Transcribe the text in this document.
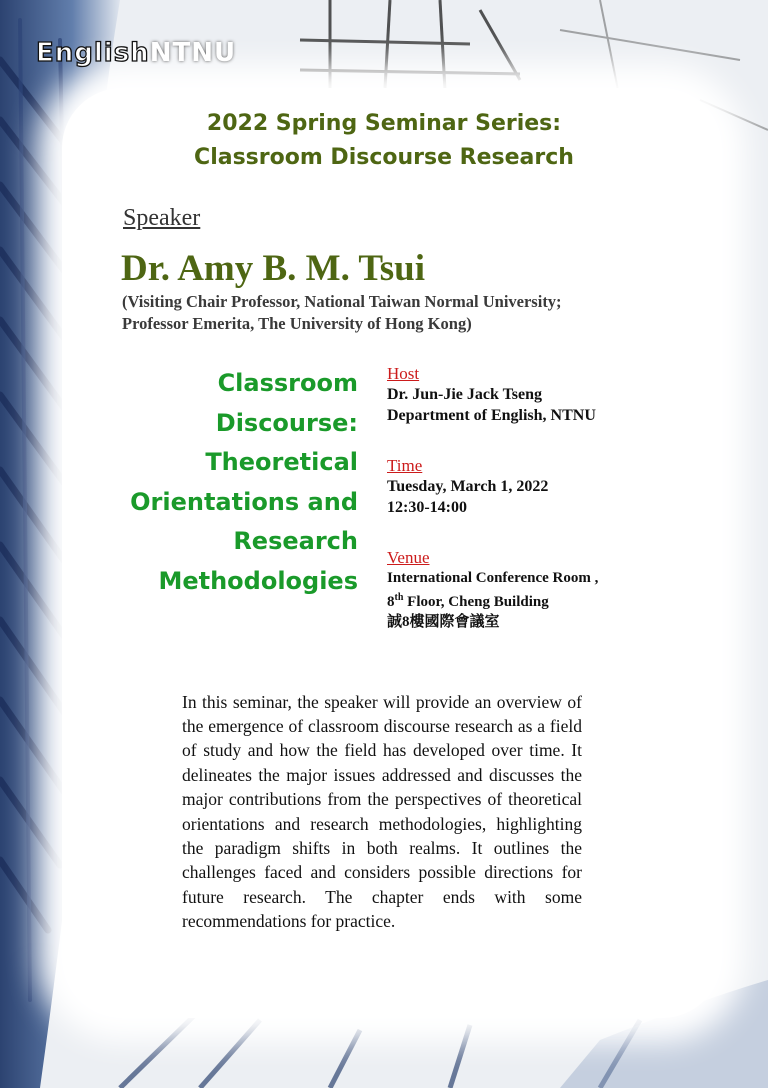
EnglishNTNU
2022 Spring Seminar Series:
Classroom Discourse Research
Speaker
Dr. Amy B. M. Tsui
(Visiting Chair Professor, National Taiwan Normal University;
Professor Emerita, The University of Hong Kong)
Classroom
Discourse:
Theoretical
Orientations and
Research
Methodologies
Host
Dr. Jun-Jie Jack Tseng
Department of English, NTNU
Time
Tuesday, March 1, 2022
12:30-14:00
Venue
International Conference Room ,
8th Floor, Cheng Building
誠8樓國際會議室

In this seminar, the speaker will provide an overview of the emergence of classroom discourse research as a field of study and how the field has developed over time. It delineates the major issues addressed and discusses the major contributions from the perspectives of theoretical orientations and research methodologies, highlighting the paradigm shifts in both realms. It outlines the challenges faced and considers possible directions for future research. The chapter ends with some recommendations for practice.
